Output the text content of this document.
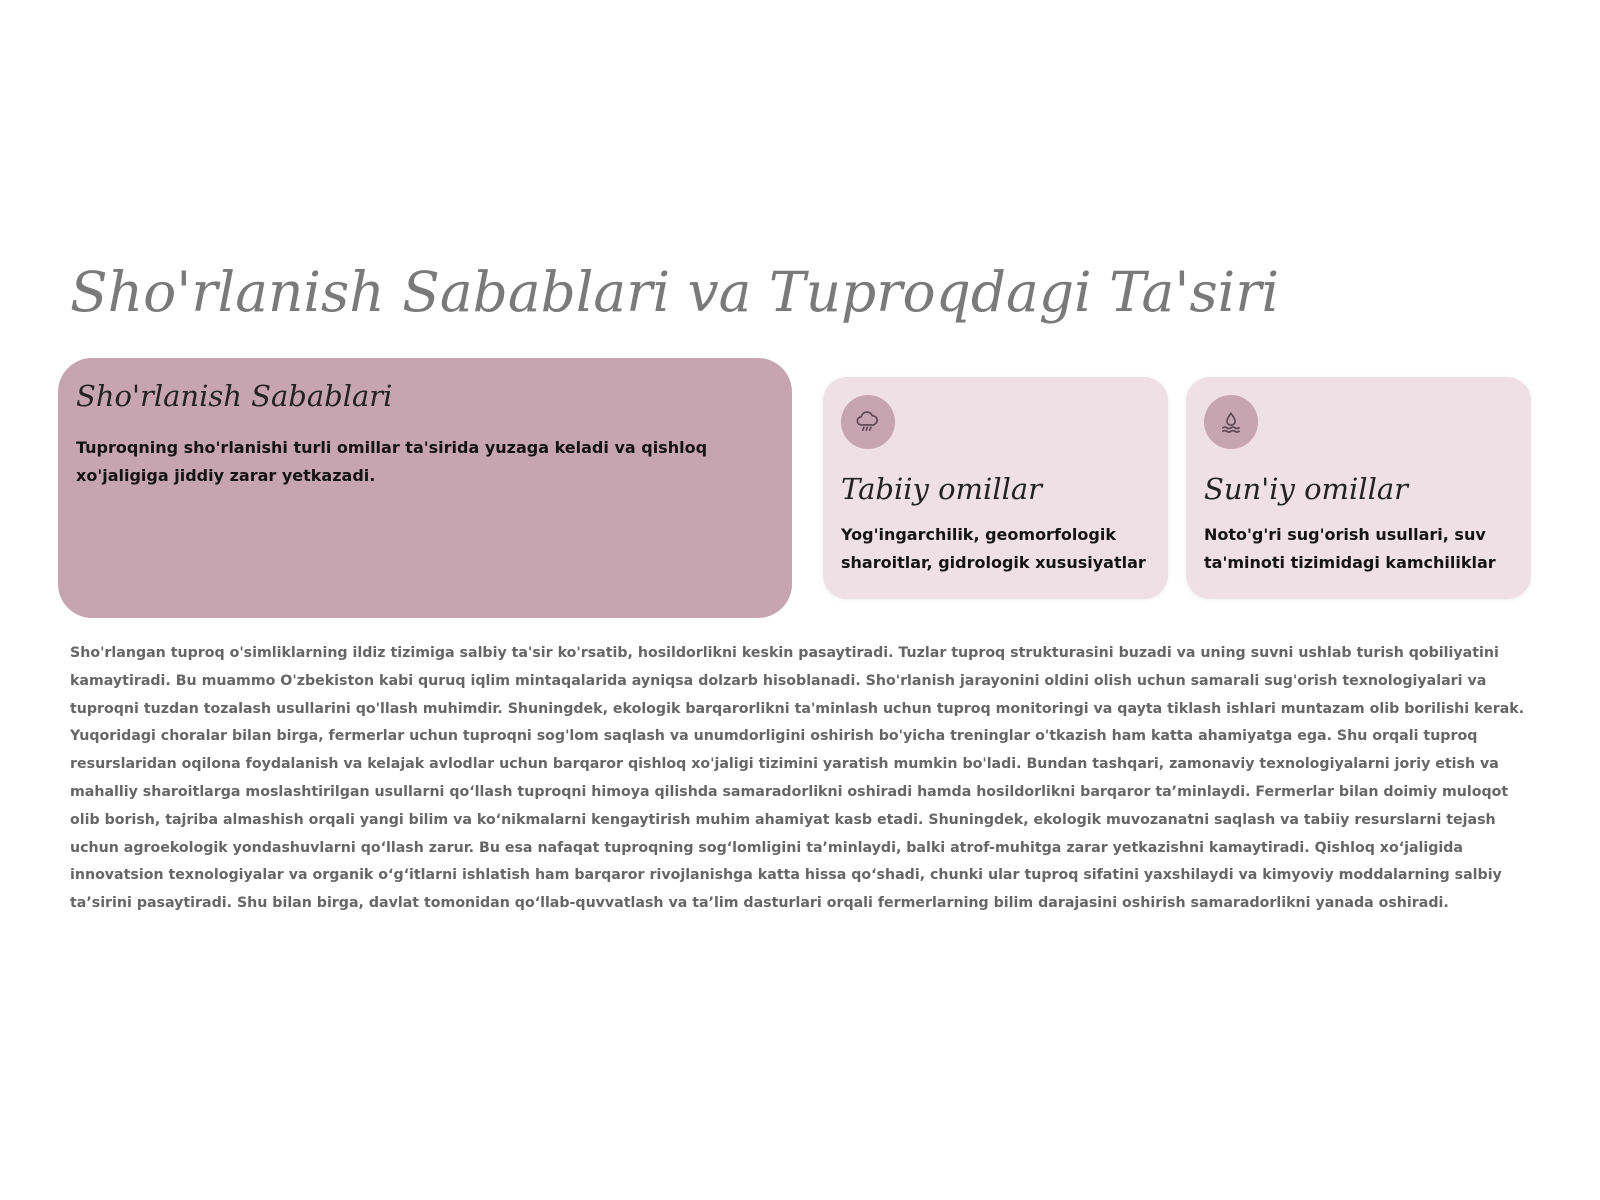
Sho'rlanish Sabablari va Tuproqdagi Ta'siri
Sho'rlanish Sabablari

Tuproqning sho'rlanishi turli omillar ta'sirida yuzaga keladi va qishloq xo'jaligiga jiddiy zarar yetkazadi.	Tabiiy omillar

Yog'ingarchilik, geomorfologik sharoitlar, gidrologik xususiyatlar

Sun'iy omillar

Noto'g'ri sug'orish usullari, suv ta'minoti tizimidagi kamchiliklar

Sho'rlangan tuproq o'simliklarning ildiz tizimiga salbiy ta'sir ko'rsatib, hosildorlikni keskin pasaytiradi. Tuzlar tuproq strukturasini buzadi va uning suvni ushlab turish qobiliyatini kamaytiradi. Bu muammo O'zbekiston kabi quruq iqlim mintaqalarida ayniqsa dolzarb hisoblanadi. Sho'rlanish jarayonini oldini olish uchun samarali sug'orish texnologiyalari va tuproqni tuzdan tozalash usullarini qo'llash muhimdir. Shuningdek, ekologik barqarorlikni ta'minlash uchun tuproq monitoringi va qayta tiklash ishlari muntazam olib borilishi kerak. Yuqoridagi choralar bilan birga, fermerlar uchun tuproqni sog'lom saqlash va unumdorligini oshirish bo'yicha treninglar o'tkazish ham katta ahamiyatga ega. Shu orqali tuproq resurslaridan oqilona foydalanish va kelajak avlodlar uchun barqaror qishloq xo'jaligi tizimini yaratish mumkin bo'ladi. Bundan tashqari, zamonaviy texnologiyalarni joriy etish va mahalliy sharoitlarga moslashtirilgan usullarni qo‘llash tuproqni himoya qilishda samaradorlikni oshiradi hamda hosildorlikni barqaror ta’minlaydi. Fermerlar bilan doimiy muloqot olib borish, tajriba almashish orqali yangi bilim va ko‘nikmalarni kengaytirish muhim ahamiyat kasb etadi. Shuningdek, ekologik muvozanatni saqlash va tabiiy resurslarni tejash uchun agroekologik yondashuvlarni qo‘llash zarur. Bu esa nafaqat tuproqning sog‘lomligini ta’minlaydi, balki atrof-muhitga zarar yetkazishni kamaytiradi. Qishloq xo‘jaligida innovatsion texnologiyalar va organik o‘g‘itlarni ishlatish ham barqaror rivojlanishga katta hissa qo‘shadi, chunki ular tuproq sifatini yaxshilaydi va kimyoviy moddalarning salbiy ta’sirini pasaytiradi. Shu bilan birga, davlat tomonidan qo‘llab-quvvatlash va ta’lim dasturlari orqali fermerlarning bilim darajasini oshirish samaradorlikni yanada oshiradi.
